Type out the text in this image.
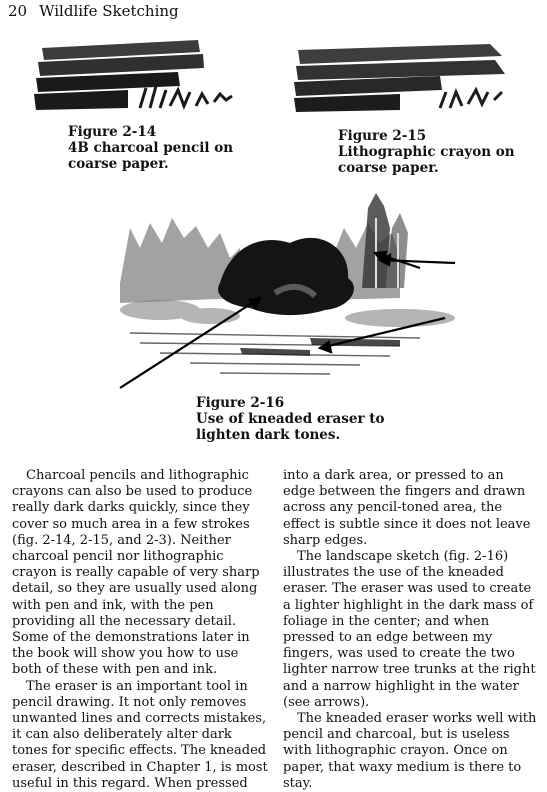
20 Wildlife Sketching
Figure 2-14
4B charcoal pencil on
coarse paper.
Figure 2-15
Lithographic crayon on
coarse paper.
Figure 2-16
Use of kneaded eraser to
lighten dark tones.

Charcoal pencils and lithographic crayons can also be used to produce really dark darks quickly, since they cover so much area in a few strokes (fig. 2-14, 2-15, and 2-3). Neither charcoal pencil nor lithographic crayon is really capable of very sharp detail, so they are usually used along with pen and ink, with the pen providing all the necessary detail. Some of the demonstrations later in the book will show you how to use both of these with pen and ink.

The eraser is an important tool in pencil drawing. It not only removes unwanted lines and corrects mistakes, it can also deliberately alter dark tones for specific effects. The kneaded eraser, described in Chapter 1, is most useful in this regard. When pressed

into a dark area, or pressed to an edge between the fingers and drawn across any pencil-toned area, the effect is subtle since it does not leave sharp edges.

The landscape sketch (fig. 2-16) illustrates the use of the kneaded eraser. The eraser was used to create a lighter highlight in the dark mass of foliage in the center; and when pressed to an edge between my fingers, was used to create the two lighter narrow tree trunks at the right and a narrow highlight in the water (see arrows).

The kneaded eraser works well with pencil and charcoal, but is useless with lithographic crayon. Once on paper, that waxy medium is there to stay.
